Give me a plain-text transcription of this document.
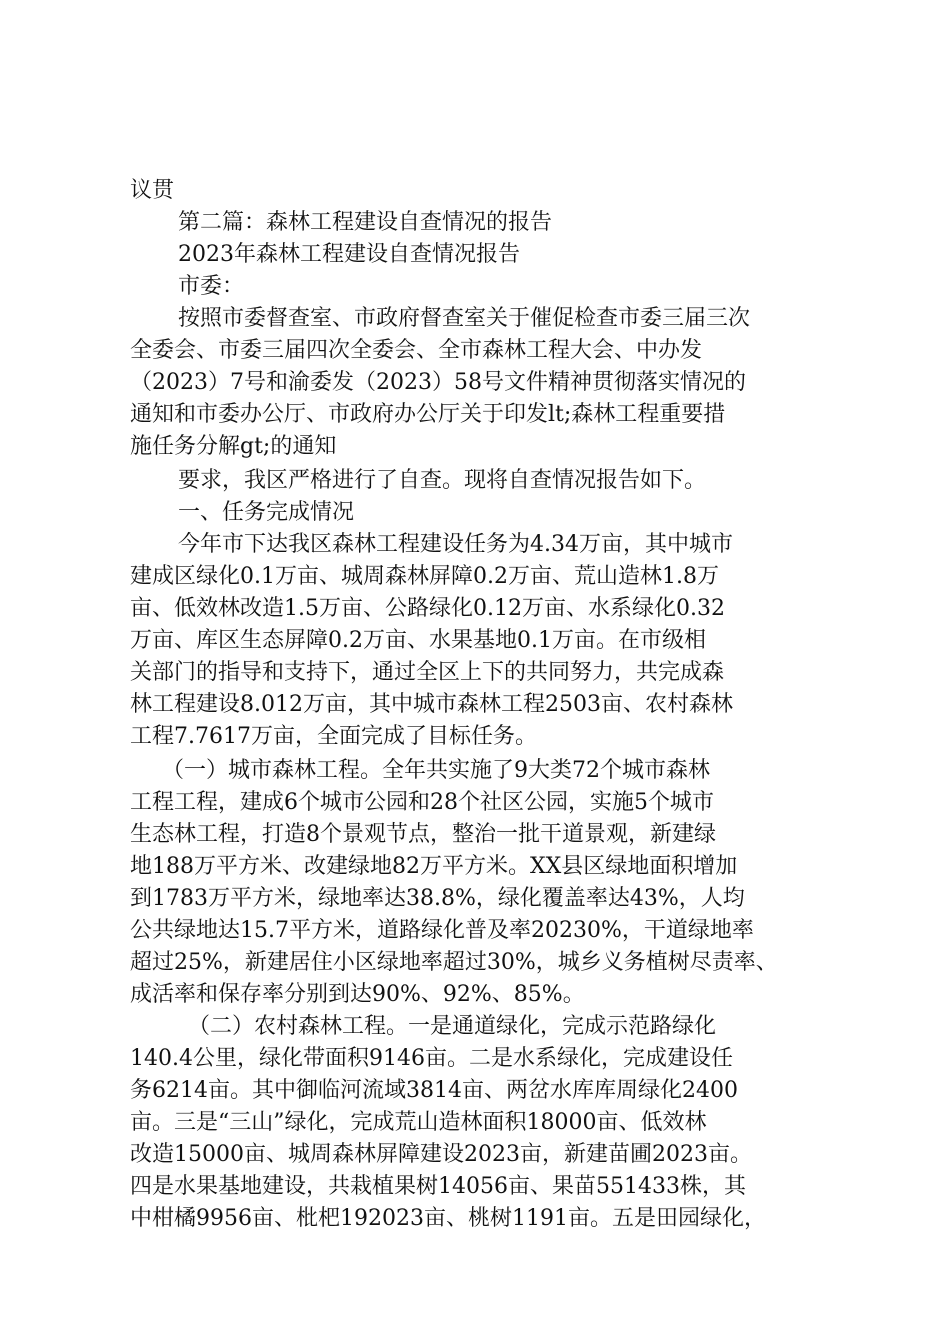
议贯
第二篇：森林工程建设自查情况的报告
2023年森林工程建设自查情况报告
市委：
按照市委督查室、市政府督查室关于催促检查市委三届三次
全委会、市委三届四次全委会、全市森林工程大会、中办发
（2023）7号和渝委发（2023）58号文件精神贯彻落实情况的
通知和市委办公厅、市政府办公厅关于印发lt;森林工程重要措
施任务分解gt;的通知
要求，我区严格进行了自查。现将自查情况报告如下。
一、任务完成情况
今年市下达我区森林工程建设任务为4.34万亩，其中城市
建成区绿化0.1万亩、城周森林屏障0.2万亩、荒山造林1.8万
亩、低效林改造1.5万亩、公路绿化0.12万亩、水系绿化0.32
万亩、库区生态屏障0.2万亩、水果基地0.1万亩。在市级相
关部门的指导和支持下，通过全区上下的共同努力，共完成森
林工程建设8.012万亩，其中城市森林工程2503亩、农村森林
工程7.7617万亩，全面完成了目标任务。
（一）城市森林工程。全年共实施了9大类72个城市森林
工程工程，建成6个城市公园和28个社区公园，实施5个城市
生态林工程，打造8个景观节点，整治一批干道景观，新建绿
地188万平方米、改建绿地82万平方米。XX县区绿地面积增加
到1783万平方米，绿地率达38.8%，绿化覆盖率达43%，人均
公共绿地达15.7平方米，道路绿化普及率20230%，干道绿地率
超过25%，新建居住小区绿地率超过30%，城乡义务植树尽责率、
成活率和保存率分别到达90%、92%、85%。
（二）农村森林工程。一是通道绿化，完成示范路绿化
140.4公里，绿化带面积9146亩。二是水系绿化，完成建设任
务6214亩。其中御临河流域3814亩、两岔水库库周绿化2400
亩。三是“三山”绿化，完成荒山造林面积18000亩、低效林
改造15000亩、城周森林屏障建设2023亩，新建苗圃2023亩。
四是水果基地建设，共栽植果树14056亩、果苗551433株，其
中柑橘9956亩、枇杷192023亩、桃树1191亩。五是田园绿化，
